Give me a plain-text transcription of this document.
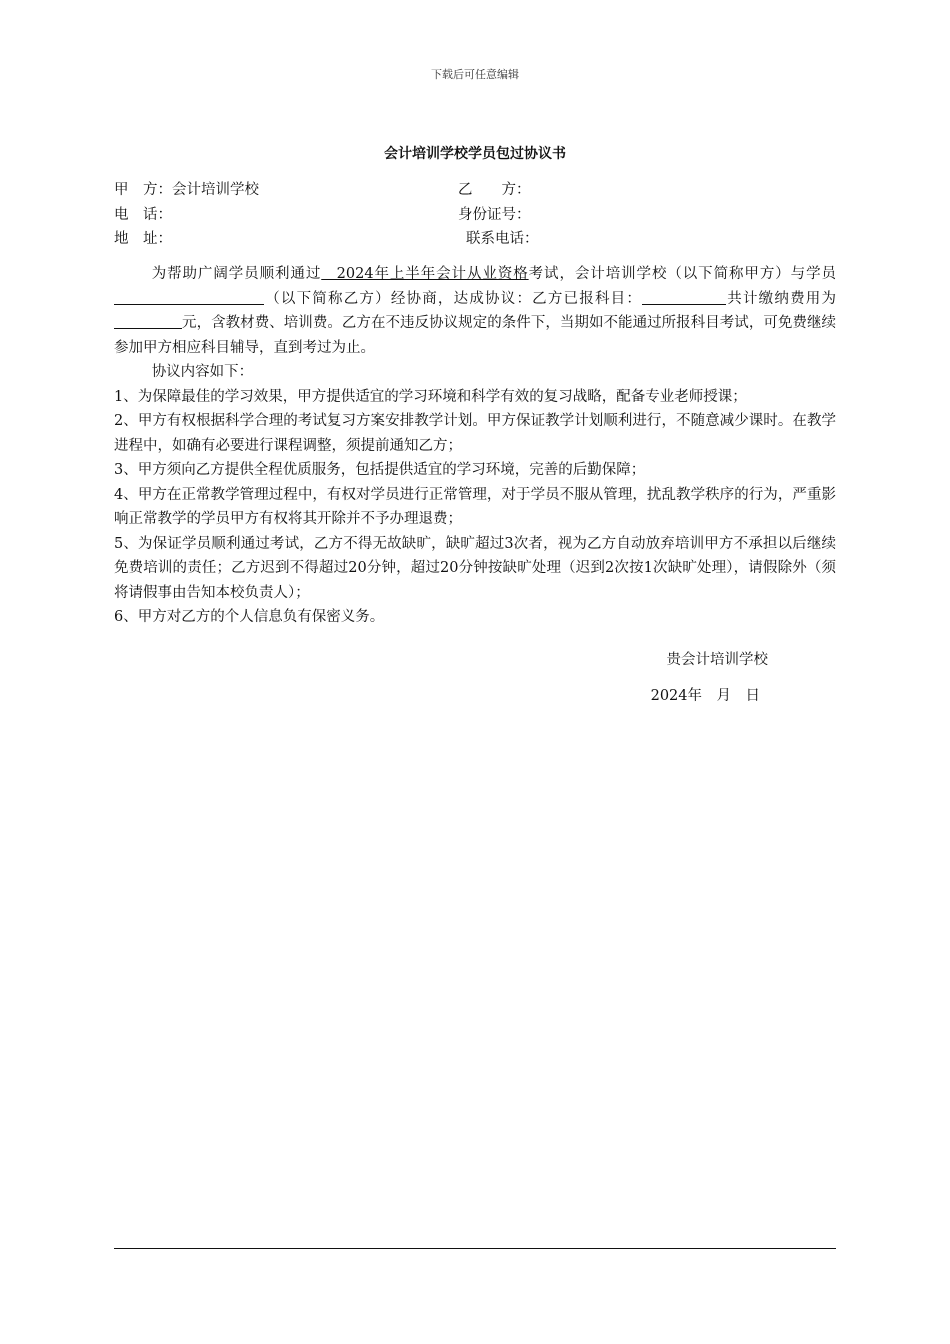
下载后可任意编辑
会计培训学校学员包过协议书
甲　方：会计培训学校	乙　　方：
电　话：	身份证号：
地　址：	联系电话：

为帮助广阔学员顺利通过　2024年上半年会计从业资格考试，会计培训学校（以下简称甲方）与学员（以下简称乙方）经协商，达成协议：乙方已报科目：	共计缴纳费用为元，含教材费、培训费。乙方在不违反协议规定的条件下，当期如不能通过所报科目考试，可免费继续参加甲方相应科目辅导，直到考过为止。

协议内容如下：

1、为保障最佳的学习效果，甲方提供适宜的学习环境和科学有效的复习战略，配备专业老师授课；

2、甲方有权根据科学合理的考试复习方案安排教学计划。甲方保证教学计划顺利进行，不随意减少课时。在教学进程中，如确有必要进行课程调整，须提前通知乙方；

3、甲方须向乙方提供全程优质服务，包括提供适宜的学习环境，完善的后勤保障；

4、甲方在正常教学管理过程中，有权对学员进行正常管理，对于学员不服从管理，扰乱教学秩序的行为，严重影响正常教学的学员甲方有权将其开除并不予办理退费；

5、为保证学员顺利通过考试，乙方不得无故缺旷，缺旷超过3次者，视为乙方自动放弃培训甲方不承担以后继续免费培训的责任；乙方迟到不得超过20分钟，超过20分钟按缺旷处理（迟到2次按1次缺旷处理），请假除外（须将请假事由告知本校负责人）；

6、甲方对乙方的个人信息负有保密义务。

贵会计培训学校
2024年　月　日
